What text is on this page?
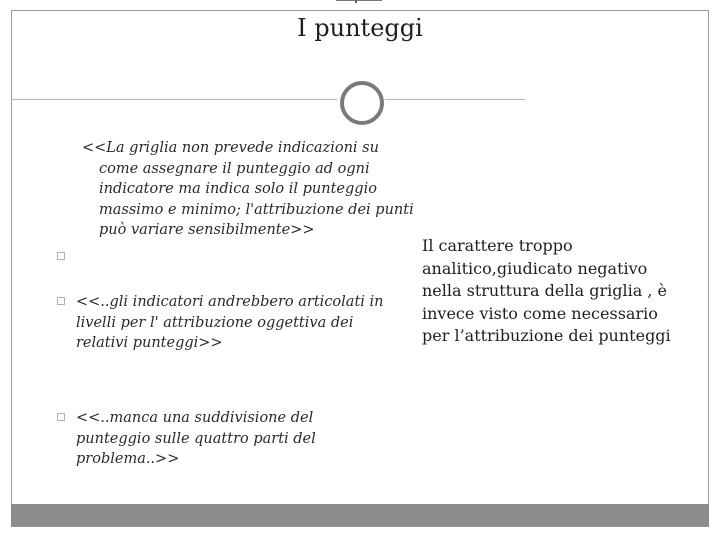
I punteggi

<<La griglia non prevede indicazioni su come assegnare il punteggio ad ogni indicatore ma indica solo il punteggio massimo e minimo; l'attribuzione dei punti può variare sensibilmente>>

<<..gli indicatori andrebbero articolati in livelli per l' attribuzione oggettiva dei relativi punteggi>>

<<..manca una suddivisione del punteggio sulle quattro parti del problema..>>

Il carattere troppo analitico,giudicato negativo nella struttura della griglia , è invece visto come necessario per l’attribuzione dei punteggi
